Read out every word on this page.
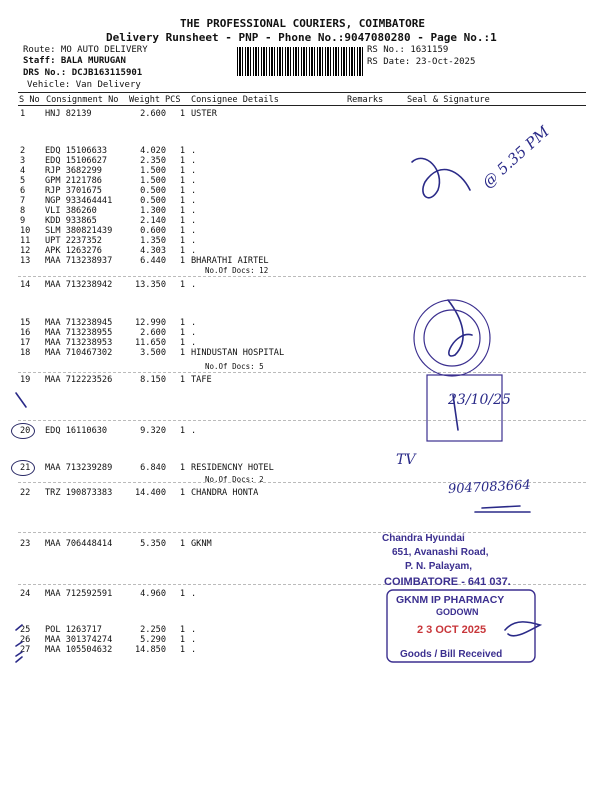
THE PROFESSIONAL COURIERS, COIMBATORE
Delivery Runsheet - PNP - Phone No.:9047080280 - Page No.:1
Route: MO AUTO DELIVERY
Staff: BALA MURUGAN
DRS No.: DCJB163115901
Vehicle: Van Delivery
RS No.: 1631159
RS Date: 23-Oct-2025
S No Consignment No Weight PCS Consignee Details	Remarks	Seal & Signature
1	HNJ 82139	2.600	1 USTER
2	EDQ 15106633	4.020	1 .
3	EDQ 15106627	2.350	1 .
4	RJP 3682299	1.500	1 .
5	GPM 2121786	1.500	1 .
6	RJP 3701675	0.500	1 .
7	NGP 933464441	0.500	1 .
8	VLI 386260	1.300	1 .
9	KDD 933865	2.140	1 .
10	SLM 380821439	0.600	1 .
11	UPT 2237352	1.350	1 .
12	APK 1263276	4.303	1 .
13	MAA 713238937	6.440	1 BHARATHI AIRTEL
14	MAA 713238942	13.350	1 .
15	MAA 713238945	12.990	1 .
16	MAA 713238955	2.600	1 .
17	MAA 713238953	11.650	1 .
18	MAA 710467302	3.500	1 HINDUSTAN HOSPITAL
19	MAA 712223526	8.150	1 TAFE
20	EDQ 16110630	9.320	1 .
21	MAA 713239289	6.840	1 RESIDENCNY HOTEL
22	TRZ 190873383	14.400	1 CHANDRA HONTA
23	MAA 706448414	5.350	1 GKNM
24	MAA 712592591	4.960	1 .
25	POL 1263717	2.250	1 .
26	MAA 301374274	5.290	1 .
27	MAA 105504632	14.850	1 .
No.Of Docs: 12
No.Of Docs: 5
No.Of Docs: 2
@ 5.35 PM
23/10/25
TV
9047083664
Chandra Hyundai
651, Avanashi Road,
P. N. Palayam,
COIMBATORE - 641 037.
GKNM IP PHARMACY
GODOWN
2 3 OCT 2025
Goods / Bill Received
